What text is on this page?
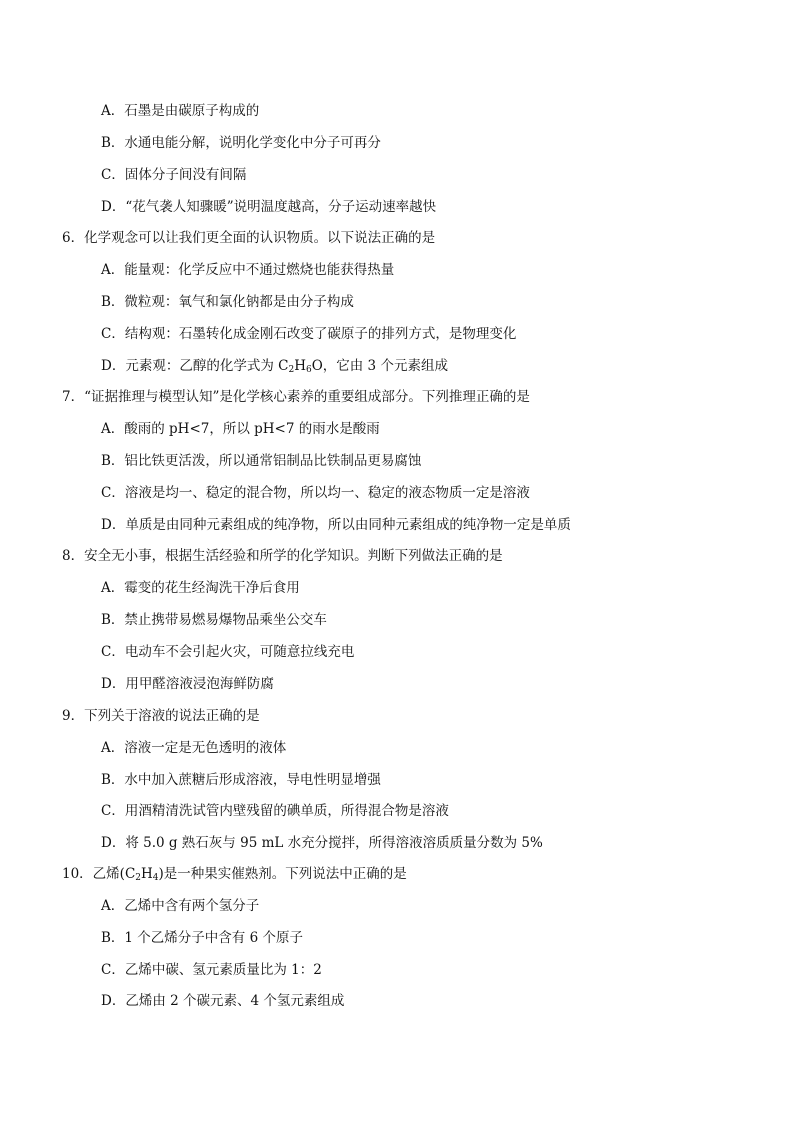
A．石墨是由碳原子构成的
B．水通电能分解，说明化学变化中分子可再分
C．固体分子间没有间隔
D．“花气袭人知骤暖”说明温度越高，分子运动速率越快
6．化学观念可以让我们更全面的认识物质。以下说法正确的是
A．能量观：化学反应中不通过燃烧也能获得热量
B．微粒观：氧气和氯化钠都是由分子构成
C．结构观：石墨转化成金刚石改变了碳原子的排列方式，是物理变化
D．元素观：乙醇的化学式为 $C_2H_6O$，它由 3 个元素组成
7．“证据推理与模型认知”是化学核心素养的重要组成部分。下列推理正确的是
A．酸雨的 pH<7，所以 pH<7 的雨水是酸雨
B．铝比铁更活泼，所以通常铝制品比铁制品更易腐蚀
C．溶液是均一、稳定的混合物，所以均一、稳定的液态物质一定是溶液
D．单质是由同种元素组成的纯净物，所以由同种元素组成的纯净物一定是单质
8．安全无小事，根据生活经验和所学的化学知识。判断下列做法正确的是
A．霉变的花生经淘洗干净后食用
B．禁止携带易燃易爆物品乘坐公交车
C．电动车不会引起火灾，可随意拉线充电
D．用甲醛溶液浸泡海鲜防腐
9．下列关于溶液的说法正确的是
A．溶液一定是无色透明的液体
B．水中加入蔗糖后形成溶液，导电性明显增强
C．用酒精清洗试管内壁残留的碘单质，所得混合物是溶液
D．将 5.0 g 熟石灰与 95 mL 水充分搅拌，所得溶液溶质质量分数为 5%
10．乙烯$(C_2H_4)$是一种果实催熟剂。下列说法中正确的是
A．乙烯中含有两个氢分子
B．1 个乙烯分子中含有 6 个原子
C．乙烯中碳、氢元素质量比为 1：2
D．乙烯由 2 个碳元素、4 个氢元素组成
